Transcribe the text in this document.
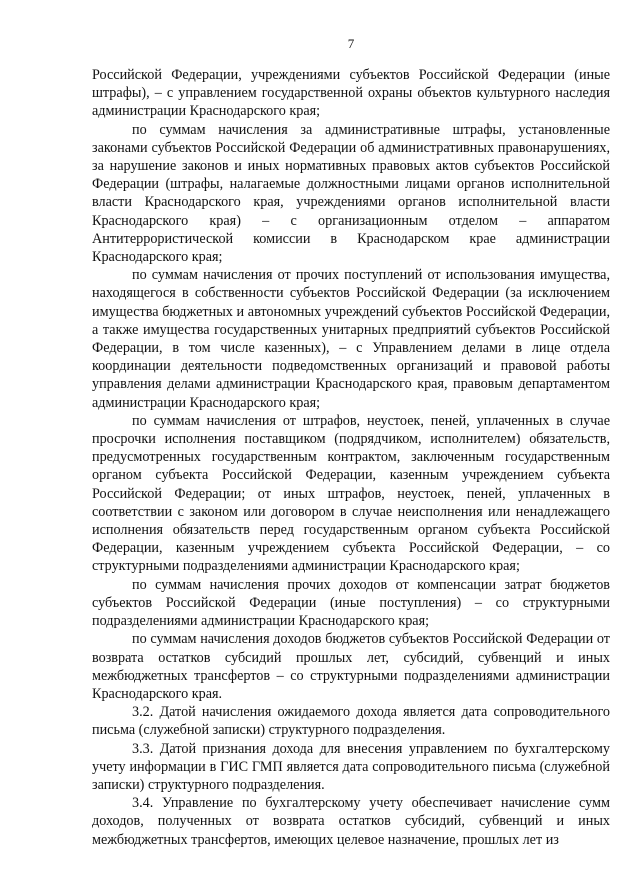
7

Российской Федерации, учреждениями субъектов Российской Федерации (иные штрафы), – с управлением государственной охраны объектов культурного наследия администрации Краснодарского края;

по суммам начисления за административные штрафы, установленные законами субъектов Российской Федерации об административных правонарушениях, за нарушение законов и иных нормативных правовых актов субъектов Российской Федерации (штрафы, налагаемые должностными лицами органов исполнительной власти Краснодарского края, учреждениями органов исполнительной власти Краснодарского края) – с организационным отделом – аппаратом Антитеррористической комиссии в Краснодарском крае администрации Краснодарского края;

по суммам начисления от прочих поступлений от использования имущества, находящегося в собственности субъектов Российской Федерации (за исключением имущества бюджетных и автономных учреждений субъектов Российской Федерации, а также имущества государственных унитарных предприятий субъектов Российской Федерации, в том числе казенных), – с Управлением делами в лице отдела координации деятельности подведомственных организаций и правовой работы управления делами администрации Краснодарского края, правовым департаментом администрации Краснодарского края;

по суммам начисления от штрафов, неустоек, пеней, уплаченных в случае просрочки исполнения поставщиком (подрядчиком, исполнителем) обязательств, предусмотренных государственным контрактом, заключенным государственным органом субъекта Российской Федерации, казенным учреждением субъекта Российской Федерации; от иных штрафов, неустоек, пеней, уплаченных в соответствии с законом или договором в случае неисполнения или ненадлежащего исполнения обязательств перед государственным органом субъекта Российской Федерации, казенным учреждением субъекта Российской Федерации, – со структурными подразделениями администрации Краснодарского края;

по суммам начисления прочих доходов от компенсации затрат бюджетов субъектов Российской Федерации (иные поступления) – со структурными подразделениями администрации Краснодарского края;

по суммам начисления доходов бюджетов субъектов Российской Федерации от возврата остатков субсидий прошлых лет, субсидий, субвенций и иных межбюджетных трансфертов – со структурными подразделениями администрации Краснодарского края.

3.2. Датой начисления ожидаемого дохода является дата сопроводительного письма (служебной записки) структурного подразделения.

3.3. Датой признания дохода для внесения управлением по бухгалтерскому учету информации в ГИС ГМП является дата сопроводительного письма (служебной записки) структурного подразделения.

3.4. Управление по бухгалтерскому учету обеспечивает начисление сумм доходов, полученных от возврата остатков субсидий, субвенций и иных межбюджетных трансфертов, имеющих целевое назначение, прошлых лет из
